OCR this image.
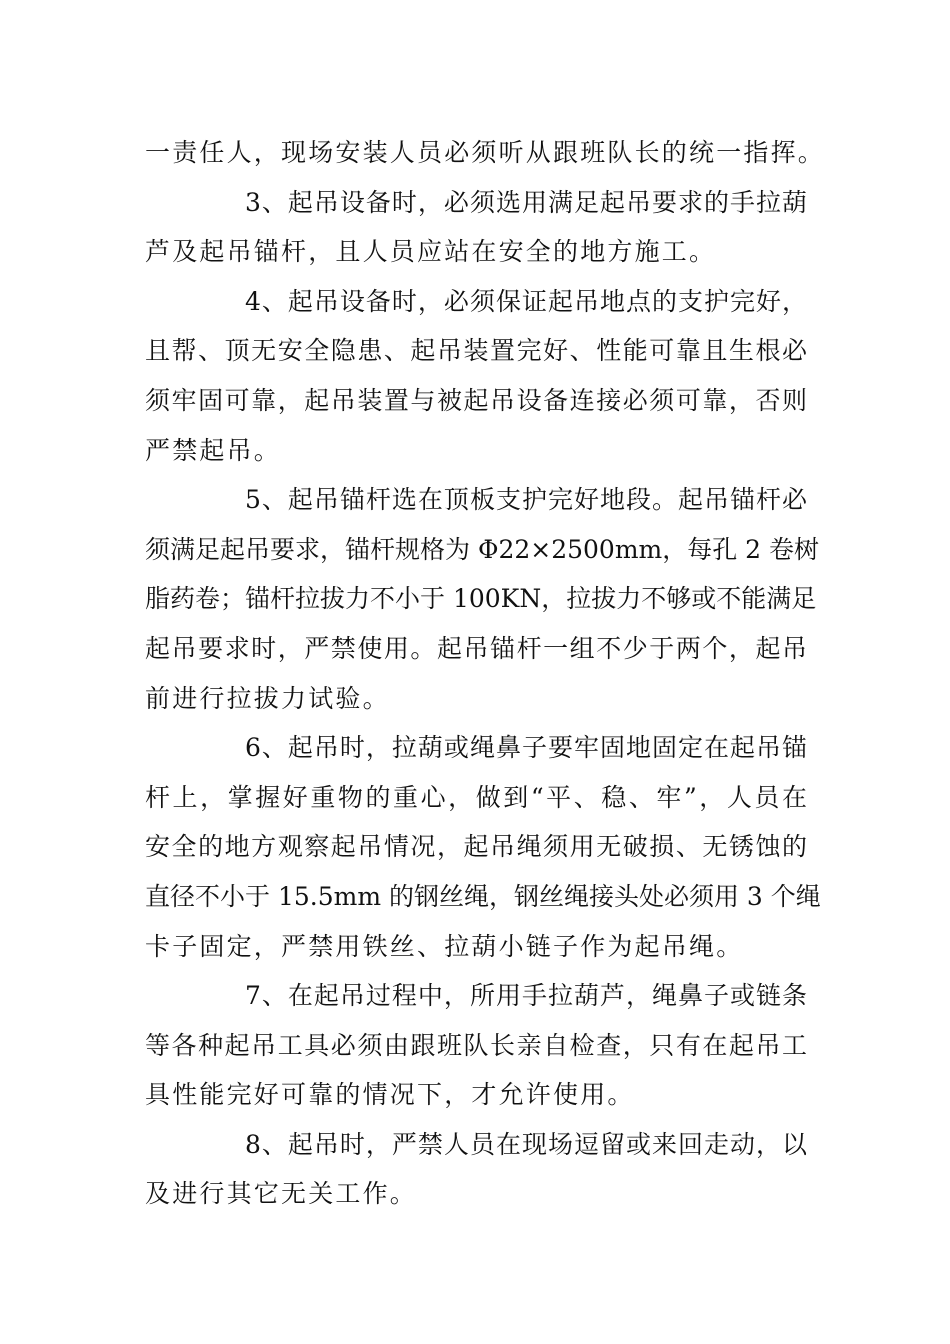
一责任人，现场安装人员必须听从跟班队长的统一指挥。
3、起吊设备时，必须选用满足起吊要求的手拉葫
芦及起吊锚杆，且人员应站在安全的地方施工。
4、起吊设备时，必须保证起吊地点的支护完好，
且帮、顶无安全隐患、起吊装置完好、性能可靠且生根必
须牢固可靠，起吊装置与被起吊设备连接必须可靠，否则
严禁起吊。
5、起吊锚杆选在顶板支护完好地段。起吊锚杆必
须满足起吊要求，锚杆规格为 Φ22×2500mm，每孔 2 卷树
脂药卷；锚杆拉拔力不小于 100KN，拉拔力不够或不能满足
起吊要求时，严禁使用。起吊锚杆一组不少于两个，起吊
前进行拉拔力试验。
6、起吊时，拉葫或绳鼻子要牢固地固定在起吊锚
杆上，掌握好重物的重心，做到“平、稳、牢”，人员在
安全的地方观察起吊情况，起吊绳须用无破损、无锈蚀的
直径不小于 15.5mm 的钢丝绳，钢丝绳接头处必须用 3 个绳
卡子固定，严禁用铁丝、拉葫小链子作为起吊绳。
7、在起吊过程中，所用手拉葫芦，绳鼻子或链条
等各种起吊工具必须由跟班队长亲自检查，只有在起吊工
具性能完好可靠的情况下，才允许使用。
8、起吊时，严禁人员在现场逗留或来回走动，以
及进行其它无关工作。
